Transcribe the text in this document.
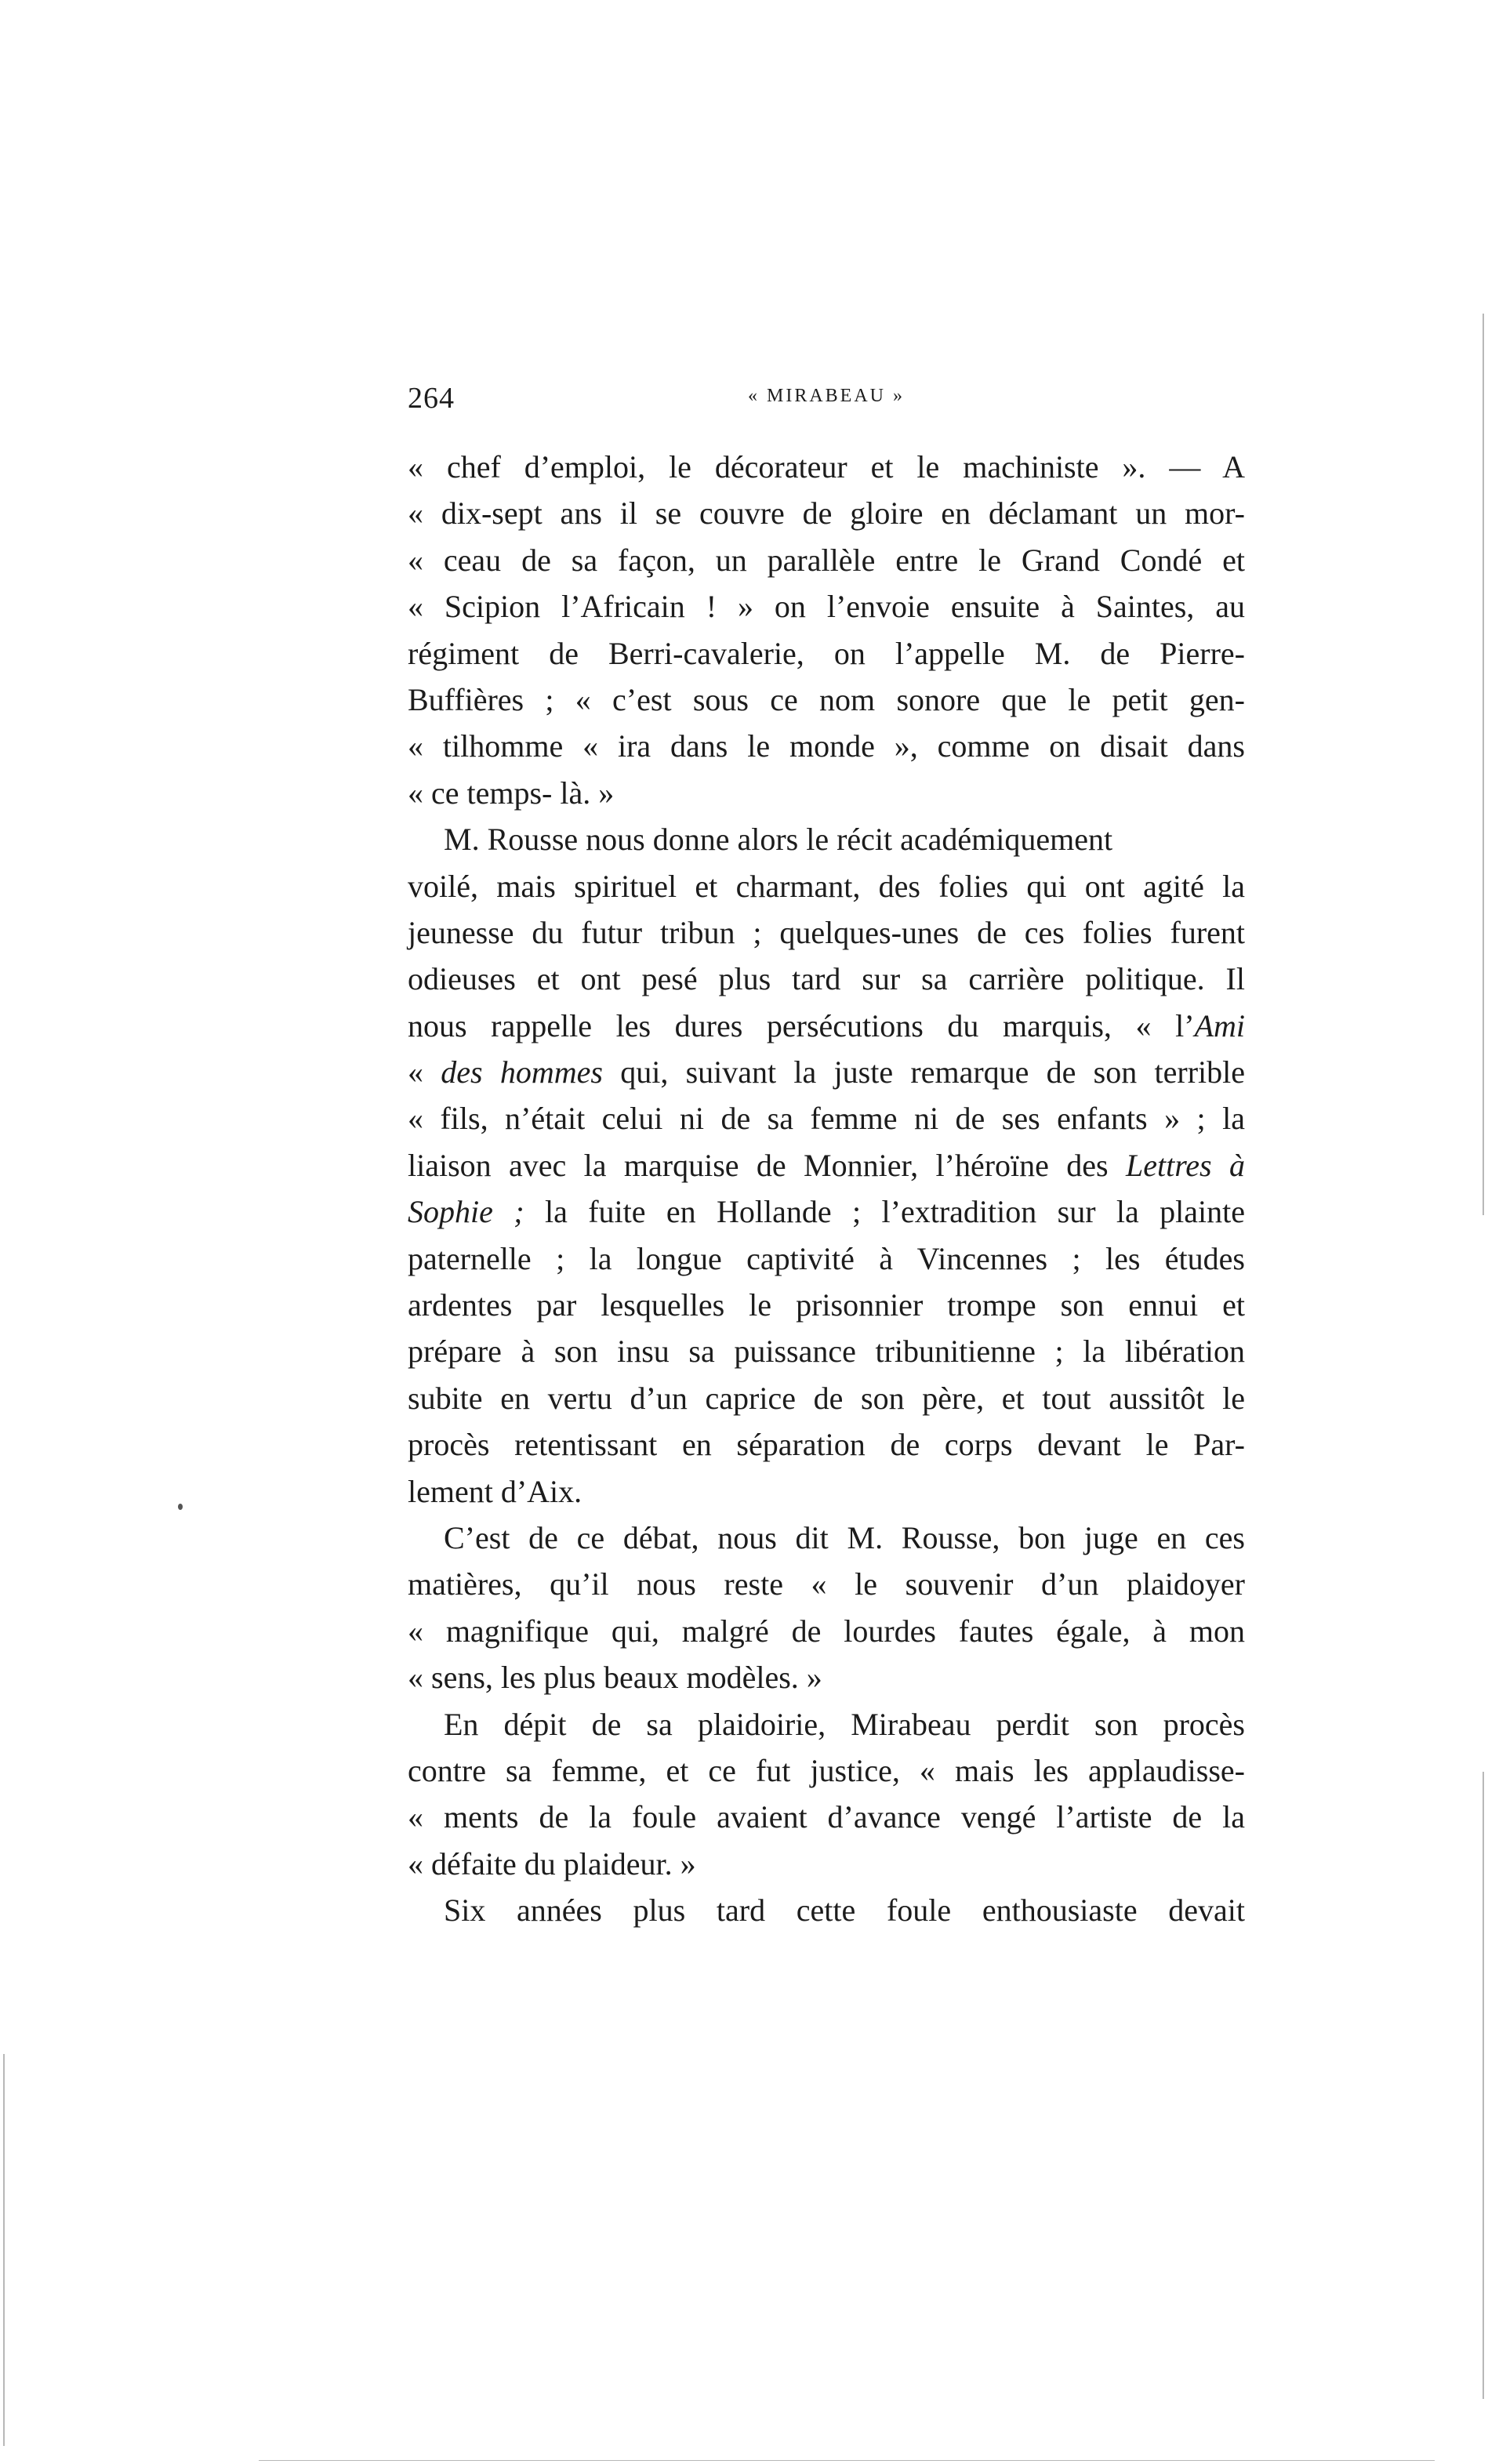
264	« MIRABEAU »
« chef d’emploi, le décorateur et le machiniste ». — A
« dix-sept ans il se couvre de gloire en déclamant un mor-
« ceau de sa façon, un parallèle entre le Grand Condé et
« Scipion l’Africain ! » on l’envoie ensuite à Saintes, au
régiment de Berri-cavalerie, on l’appelle M. de Pierre-
Buffières ; « c’est sous ce nom sonore que le petit gen-
« tilhomme « ira dans le monde », comme on disait dans
« ce temps- là. »
M. Rousse nous donne alors le récit académiquement
voilé, mais spirituel et charmant, des folies qui ont agité la
jeunesse du futur tribun ; quelques-unes de ces folies furent
odieuses et ont pesé plus tard sur sa carrière politique. Il
nous rappelle les dures persécutions du marquis, « l’Ami
« des hommes qui, suivant la juste remarque de son terrible
« fils, n’était celui ni de sa femme ni de ses enfants » ; la
liaison avec la marquise de Monnier, l’héroïne des Lettres à
Sophie ; la fuite en Hollande ; l’extradition sur la plainte
paternelle ; la longue captivité à Vincennes ; les études
ardentes par lesquelles le prisonnier trompe son ennui et
prépare à son insu sa puissance tribunitienne ; la libération
subite en vertu d’un caprice de son père, et tout aussitôt le
procès retentissant en séparation de corps devant le Par-
lement d’Aix.
C’est de ce débat, nous dit M. Rousse, bon juge en ces
matières, qu’il nous reste « le souvenir d’un plaidoyer
« magnifique qui, malgré de lourdes fautes égale, à mon
« sens, les plus beaux modèles. »
En dépit de sa plaidoirie, Mirabeau perdit son procès
contre sa femme, et ce fut justice, « mais les applaudisse-
« ments de la foule avaient d’avance vengé l’artiste de la
« défaite du plaideur. »
Six années plus tard cette foule enthousiaste devait
